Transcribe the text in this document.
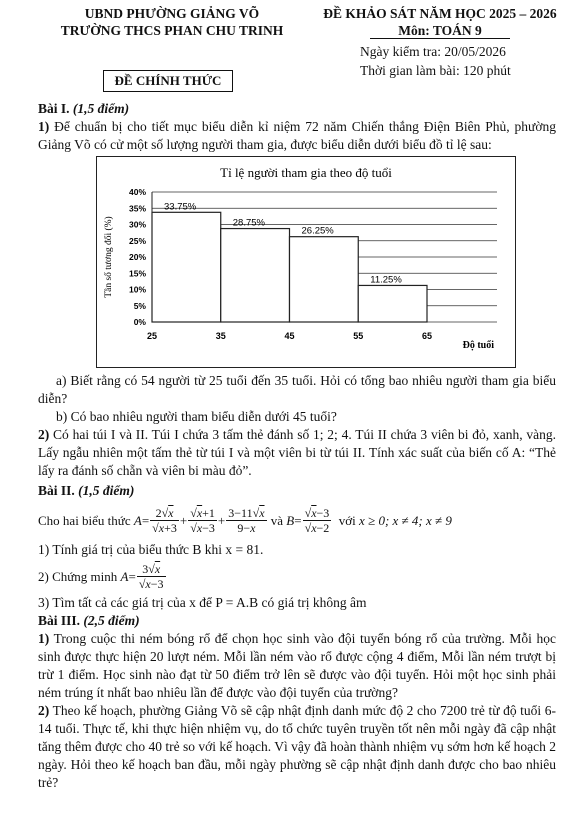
UBND PHƯỜNG GIẢNG VÕ
TRƯỜNG THCS PHAN CHU TRINH
ĐỀ CHÍNH THỨC
ĐỀ KHẢO SÁT NĂM HỌC 2025 – 2026
Môn: TOÁN 9
Ngày kiểm tra: 20/05/2026
Thời gian làm bài: 120 phút

Bài I. (1,5 điểm)

1) Để chuẩn bị cho tiết mục biểu diễn kỉ niệm 72 năm Chiến thắng Điện Biên Phủ, phường Giảng Võ có cử một số lượng người tham gia, được biểu diễn dưới biểu đồ tỉ lệ sau:

Tỉ lệ người tham gia theo độ tuổi
0%
5%
10%
15%
20%
25%
30%
35%
40%
Tần số tương đối (%)
33.75%
28.75%
26.25%
11.25%
25	35	45	55	65
Độ tuổi

a) Biết rằng có 54 người từ 25 tuổi đến 35 tuổi. Hỏi có tổng bao nhiêu người tham gia biểu diễn?

b) Có bao nhiêu người tham biểu diễn dưới 45 tuổi?

2) Có hai túi I và II. Túi I chứa 3 tấm thẻ đánh số 1; 2; 4. Túi II chứa 3 viên bi đỏ, xanh, vàng. Lấy ngẫu nhiên một tấm thẻ từ túi I và một viên bi từ túi II. Tính xác suất của biến cố A: “Thẻ lấy ra đánh số chẵn và viên bi màu đỏ”.

Bài II. (1,5 điểm)

Cho hai biểu thức
$A = \frac{2√x}{√x+3} + \frac{√x+1}{√x-3} + \frac{3-11√x}{9-x}$
và
$B = \frac{√x-3}{√x-2}$
với
x ≥ 0; x ≠ 4; x ≠ 9

1) Tính giá trị của biểu thức B khi x = 81.

2) Chứng minh
$A = \frac{3√x}{√x-3}$

3) Tìm tất cả các giá trị của x để P = A.B có giá trị không âm

Bài III. (2,5 điểm)

1) Trong cuộc thi ném bóng rổ để chọn học sinh vào đội tuyển bóng rổ của trường. Mỗi học sinh được thực hiện 20 lượt ném. Mỗi lần ném vào rổ được cộng 4 điểm, Mỗi lần ném trượt bị trừ 1 điểm. Học sinh nào đạt từ 50 điểm trở lên sẽ được vào đội tuyển. Hỏi một học sinh phải ném trúng ít nhất bao nhiêu lần để được vào đội tuyển của trường?

2) Theo kế hoạch, phường Giảng Võ sẽ cập nhật định danh mức độ 2 cho 7200 trẻ từ độ tuổi 6-14 tuổi. Thực tế, khi thực hiện nhiệm vụ, do tổ chức tuyên truyền tốt nên mỗi ngày đã cập nhật tăng thêm được cho 40 trẻ so với kế hoạch. Vì vậy đã hoàn thành nhiệm vụ sớm hơn kế hoạch 2 ngày. Hỏi theo kế hoạch ban đầu, mỗi ngày phường sẽ cập nhật định danh được cho bao nhiêu trẻ?
